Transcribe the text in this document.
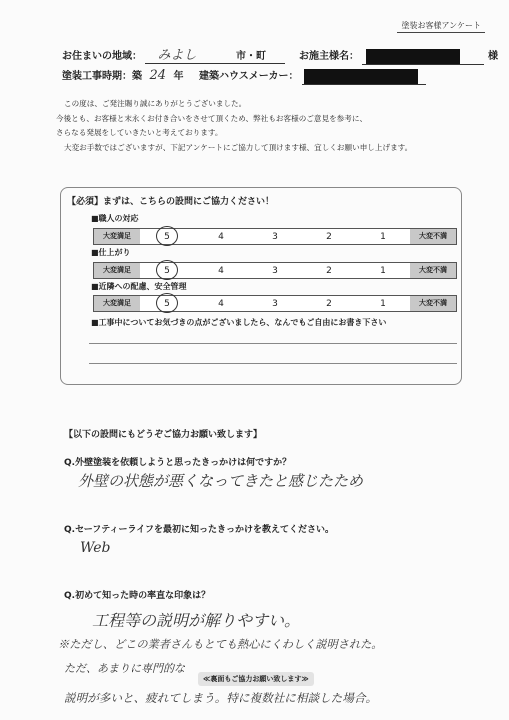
塗装お客様アンケート
お住まいの地域： みよし	市・町	お施主様名：	様
塗装工事時期：築 24 年 建築ハウスメーカー：

この度は、ご発注賜り誠にありがとうございました。

今後とも、お客様と末永くお付き合いをさせて頂くため、弊社もお客様のご意見を参考に、

さらなる発展をしていきたいと考えております。

大変お手数ではございますが、下記アンケートにご協力して頂けます様、宜しくお願い申し上げます。

【必須】まずは、こちらの設問にご協力ください！
■職人の対応
大変満足	5	4	3	2	1	大変不満
■仕上がり
大変満足	5	4	3	2	1	大変不満
■近隣への配慮、安全管理
大変満足	5	4	3	2	1	大変不満
■工事中についてお気づきの点がございましたら、なんでもご自由にお書き下さい
【以下の設問にもどうぞご協力お願い致します】
Q.外壁塗装を依頼しようと思ったきっかけは何ですか？
外壁の状態が悪くなってきたと感じたため
Q.セーフティーライフを最初に知ったきっかけを教えてください。
Web
Q.初めて知った時の率直な印象は？
工程等の説明が解りやすい。
※ただし、どこの業者さんもとても熱心にくわしく説明された。
ただ、あまりに専門的な
≪裏面もご協力お願い致します≫
説明が多いと、疲れてしまう。特に複数社に相談した場合。
